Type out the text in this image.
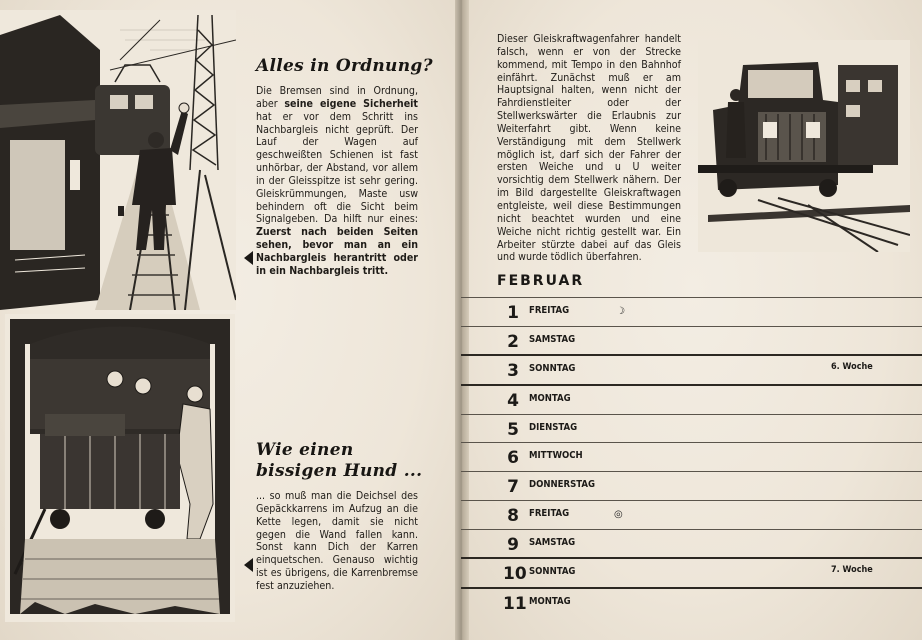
Alles in Ordnung?

Die Bremsen sind in Ordnung, aber seine eigene Sicherheit hat er vor dem Schritt ins Nachbargleis nicht geprüft. Der Lauf der Wagen auf geschweißten Schienen ist fast unhörbar, der Abstand, vor allem in der Gleisspitze ist sehr gering. Gleiskrümmungen, Maste usw behindern oft die Sicht beim Signalgeben. Da hilft nur eines: Zuerst nach beiden Seiten sehen, bevor man an ein Nachbargleis herantritt oder in ein Nachbargleis tritt.

Wie einen
bissigen Hund ...

... so muß man die Deichsel des Gepäckkarrens im Aufzug an die Kette legen, damit sie nicht gegen die Wand fallen kann. Sonst kann Dich der Karren einquetschen. Genauso wichtig ist es übrigens, die Karrenbremse fest anzuziehen.

Dieser Gleiskraftwagenfahrer handelt falsch, wenn er von der Strecke kommend, mit Tempo in den Bahnhof einfährt. Zunächst muß er am Hauptsignal halten, wenn nicht der Fahrdienstleiter oder der Stellwerkswärter die Erlaubnis zur Weiterfahrt gibt. Wenn keine Verständigung mit dem Stellwerk möglich ist, darf sich der Fahrer der ersten Weiche und u U weiter vorsichtig dem Stellwerk nähern. Der im Bild dargestellte Gleiskraftwagen entgleiste, weil diese Bestimmungen nicht beachtet wurden und eine Weiche nicht richtig gestellt war. Ein Arbeiter stürzte dabei auf das Gleis und wurde tödlich überfahren.

FEBRUAR
1	FREITAG	☽
2	SAMSTAG
3	SONNTAG	6. Woche
4	MONTAG
5	DIENSTAG
6	MITTWOCH
7	DONNERSTAG
8	FREITAG	◎
9	SAMSTAG
10 SONNTAG	7. Woche
11 MONTAG
